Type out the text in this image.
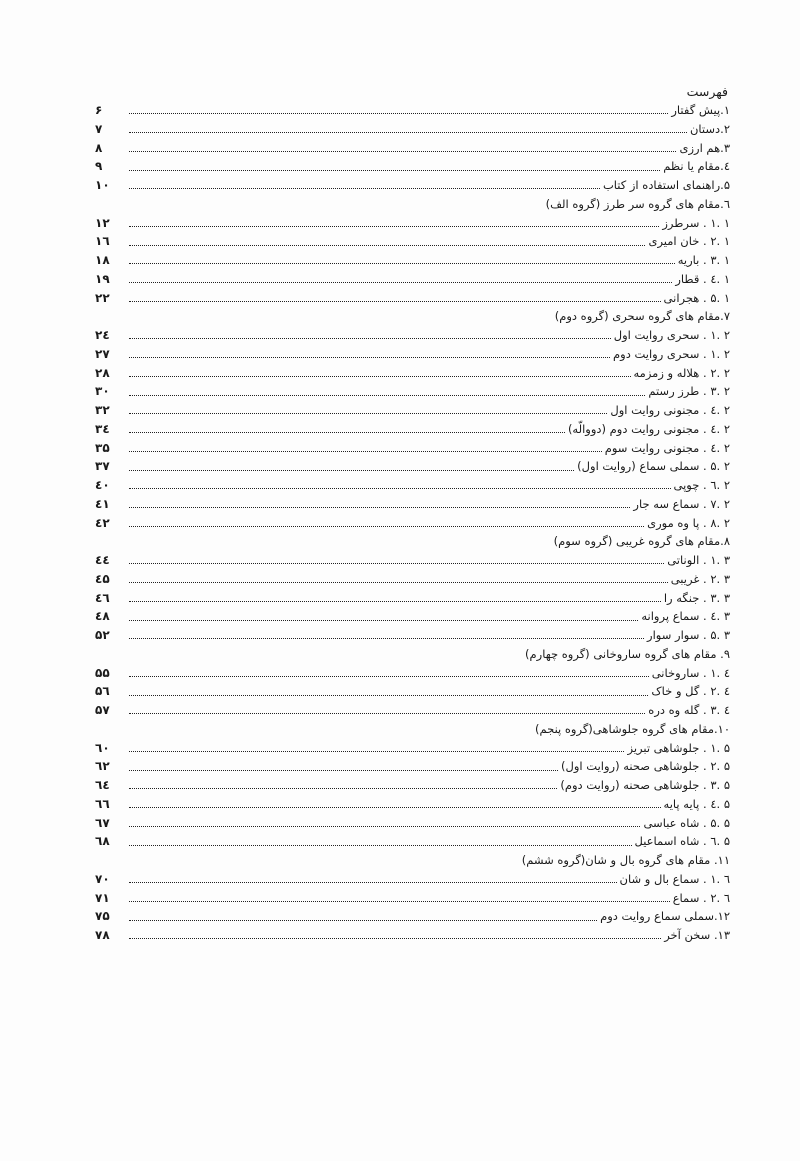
فهرست
۱.پیش گفتار
۶
۲.دستان
۷
۳.هم ارزی
۸
٤.مقام یا نظم
۹
۵.راهنمای استفاده از کتاب
۱۰
٦.مقام های گروه سر طرز (گروه الف)
۱ .۱ . سرطرز
۱۲
۱ .۲ . خان امیری
۱٦
۱ .۳ . باریه
۱۸
۱ .٤ . قطار
۱۹
۱ .۵ . هجرانی
۲۲
۷.مقام های گروه سحری (گروه دوم)
۲ .۱ . سحری روایت اول
۲٤
۲ .۱ . سحری روایت دوم
۲۷
۲ .۲ . هلاله و زمزمه
۲۸
۲ .۳ . طرز رستم
۳۰
۲ .٤ . مجنونی روایت اول
۳۲
۲ .٤ . مجنونی روایت دوم (دووالّه)
۳٤
۲ .٤ . مجنونی روایت سوم
۳۵
۲ .۵ . سملی سماع (روایت اول)
۳۷
۲ .٦ . چوپی
٤۰
۲ .۷ . سماع سه جار
٤۱
۲ .۸ . پا وه موری
٤۲
۸.مقام های گروه غریبی (گروه سوم)
۳ .۱ . الوناتی
٤٤
۳ .۲ . غریبی
٤۵
۳ .۳ . جنگه را
٤٦
۳ .٤ . سماع پروانه
٤۸
۳ .۵ . سوار سوار
۵۲
۹. مقام های گروه ساروخانی (گروه چهارم)
٤ .۱ . ساروخانی
۵۵
٤ .۲ . گل و خاک
۵٦
٤ .۳ . گله وه دره
۵۷
۱۰.مقام های گروه جلوشاهی(گروه پنجم)
۵ .۱ . جلوشاهی تبریز
٦۰
۵ .۲ . جلوشاهی صحنه (روایت اول)
٦۲
۵ .۳ . جلوشاهی صحنه (روایت دوم)
٦٤
۵ .٤ . پایه پایه
٦٦
۵ .۵ . شاه عباسی
٦۷
۵ .٦ . شاه اسماعیل
٦۸
۱۱. مقام های گروه بال و شان(گروه ششم)
٦ .۱ . سماع بال و شان
۷۰
٦ .۲ . سماع
۷۱
۱۲.سملی سماع روایت دوم
۷۵
۱۳. سخن آخر
۷۸
